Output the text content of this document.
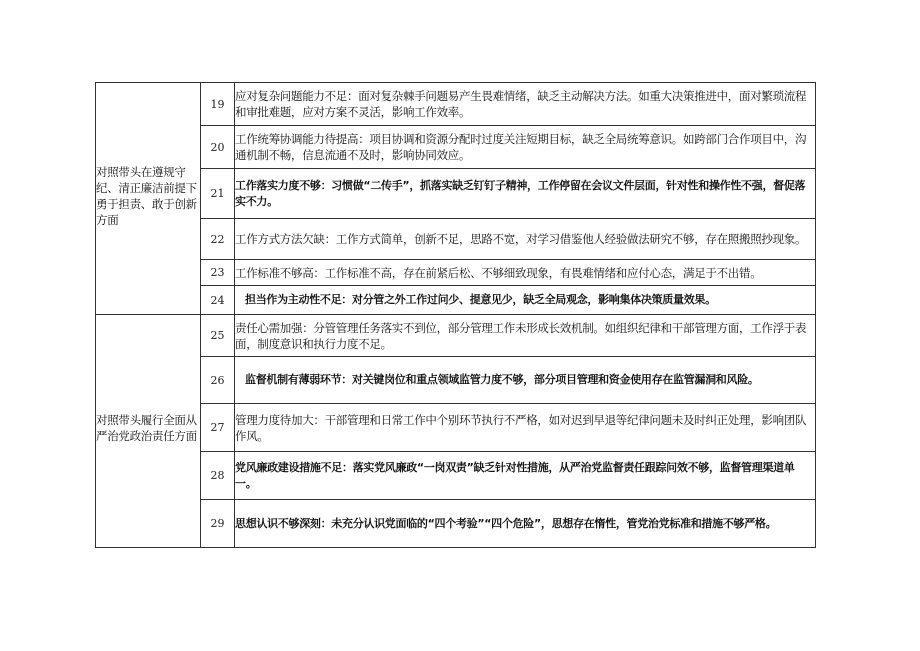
对照带头在遵规守纪、清正廉洁前提下勇于担责、敢于创新方面	19	应对复杂问题能力不足：面对复杂棘手问题易产生畏难情绪，缺乏主动解决方法。如重大决策推进中，面对繁琐流程和审批难题，应对方案不灵活，影响工作效率。
	20	工作统筹协调能力待提高：项目协调和资源分配时过度关注短期目标，缺乏全局统筹意识。如跨部门合作项目中，沟通机制不畅，信息流通不及时，影响协同效应。
	21	工作落实力度不够：习惯做“二传手”，抓落实缺乏钉钉子精神，工作停留在会议文件层面，针对性和操作性不强，督促落实不力。
	22	工作方式方法欠缺：工作方式简单，创新不足，思路不宽，对学习借鉴他人经验做法研究不够，存在照搬照抄现象。
	23	工作标准不够高：工作标准不高，存在前紧后松、不够细致现象，有畏难情绪和应付心态，满足于不出错。
	24	担当作为主动性不足：对分管之外工作过问少、提意见少，缺乏全局观念，影响集体决策质量效果。

对照带头履行全面从严治党政治责任方面	25	责任心需加强：分管管理任务落实不到位，部分管理工作未形成长效机制。如组织纪律和干部管理方面，工作浮于表面，制度意识和执行力度不足。
	26	监督机制有薄弱环节：对关键岗位和重点领域监管力度不够，部分项目管理和资金使用存在监管漏洞和风险。
	27	管理力度待加大：干部管理和日常工作中个别环节执行不严格，如对迟到早退等纪律问题未及时纠正处理，影响团队作风。
	28	党风廉政建设措施不足：落实党风廉政“一岗双责”缺乏针对性措施，从严治党监督责任跟踪问效不够，监督管理渠道单一。
	29	思想认识不够深刻：未充分认识党面临的“四个考验”“四个危险”，思想存在惰性，管党治党标准和措施不够严格。
